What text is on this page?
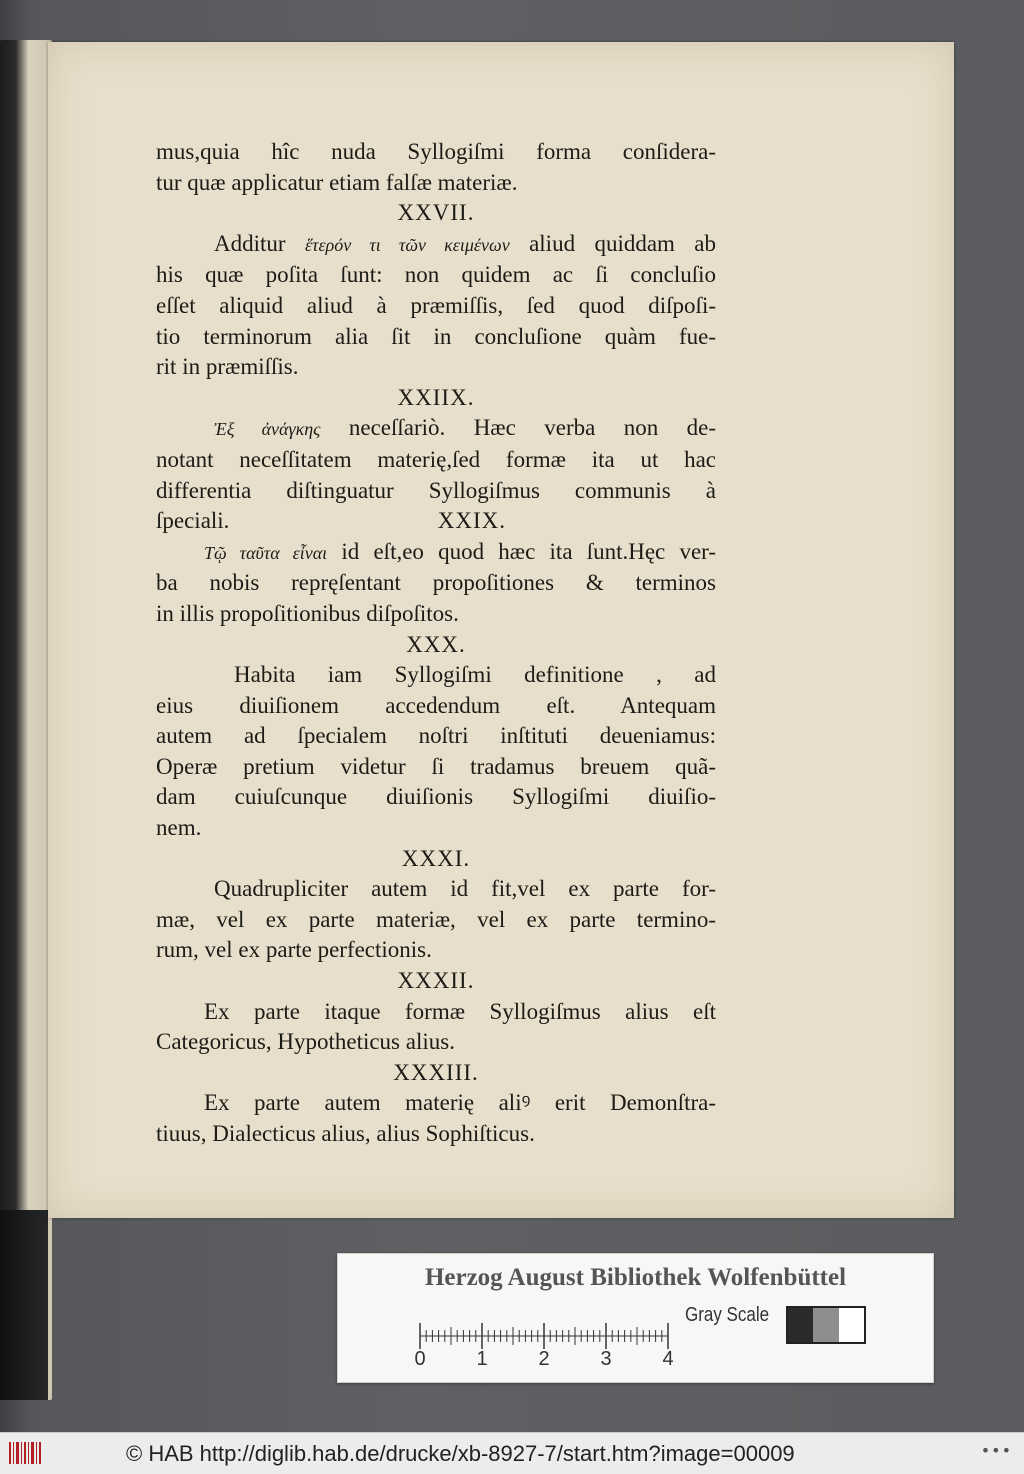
mus,quia hîc nuda Syllogiſmi forma conſidera-
tur quæ applicatur etiam falſæ materiæ.
XXVII.
Additur ἕτερόν τι τῶν κειμένων aliud quiddam ab
his quæ poſita ſunt: non quidem ac ſi concluſio
eſſet aliquid aliud à præmiſſis, ſed quod diſpoſi-
tio terminorum alia ſit in concluſione quàm fue-
rit in præmiſſis.
XXIIX.
Ἐξ ἀνάγκης neceſſariò. Hæc verba non de-
notant neceſſitatem materię,ſed formæ ita ut hac
differentia diſtinguatur Syllogiſmus communis à
ſpeciali.	XXIX.
Τῷ ταῦτα εἶναι id eſt,eo quod hæc ita ſunt.Hęc ver-
ba nobis repręſentant propoſitiones & terminos
in illis propoſitionibus diſpoſitos.
XXX.
Habita iam Syllogiſmi definitione , ad
eius diuiſionem accedendum eſt. Antequam
autem ad ſpecialem noſtri inſtituti deueniamus:
Operæ pretium videtur ſi tradamus breuem quã-
dam cuiuſcunque diuiſionis Syllogiſmi diuiſio-
nem.
XXXI.
Quadrupliciter autem id fit,vel ex parte for-
mæ, vel ex parte materiæ, vel ex parte termino-
rum, vel ex parte perfectionis.
XXXII.
Ex parte itaque formæ Syllogiſmus alius eſt
Categoricus, Hypotheticus alius.
XXXIII.
Ex parte autem materię aliꝰ erit Demonſtra-
tiuus, Dialecticus alius, alius Sophiſticus.
Herzog August Bibliothek Wolfenbüttel
0	1	2	3	4
Gray Scale
© HAB http://diglib.hab.de/drucke/xb-8927-7/start.htm?image=00009	•••
